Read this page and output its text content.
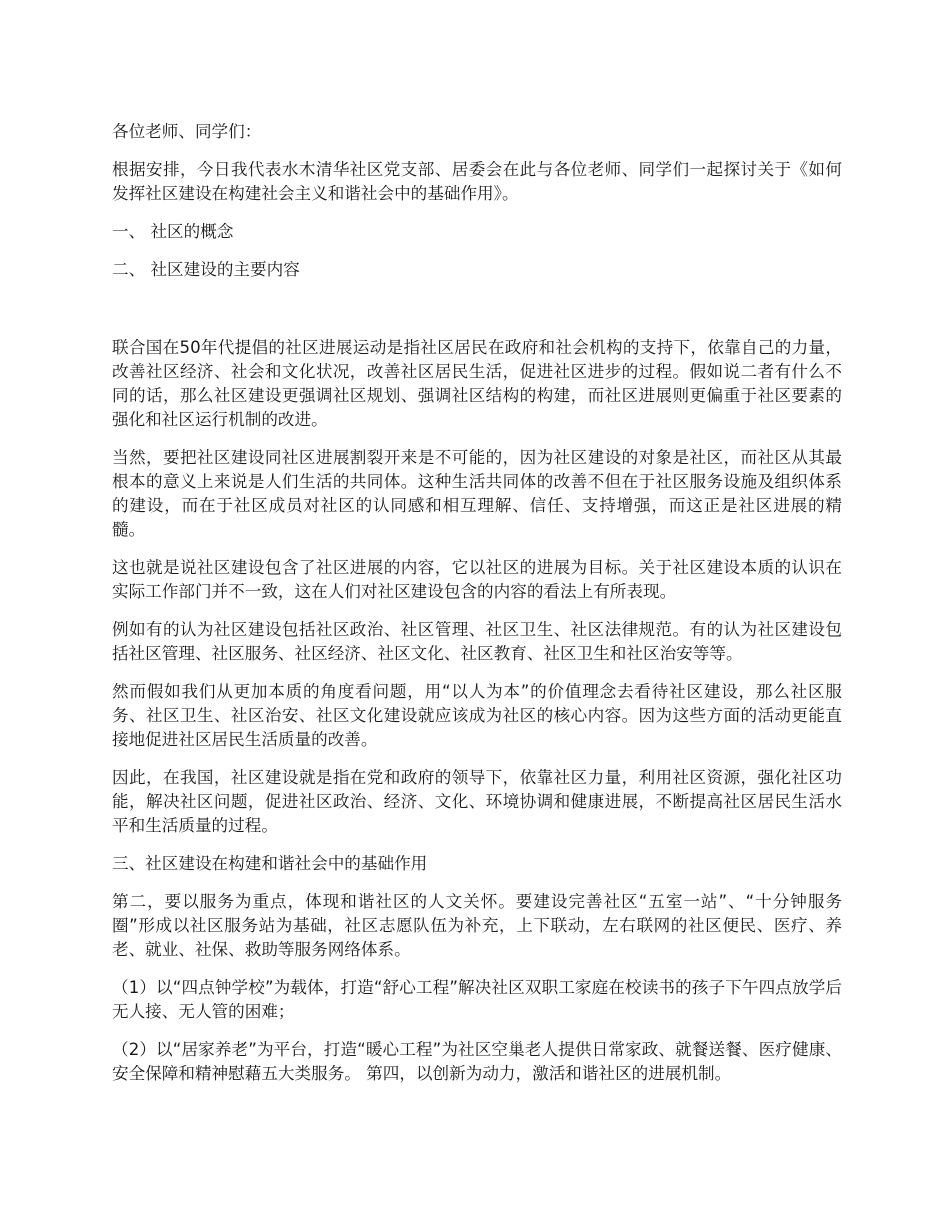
各位老师、同学们：

根据安排，今日我代表水木清华社区党支部、居委会在此与各位老师、同学们一起探讨关于《如何发挥社区建设在构建社会主义和谐社会中的基础作用》。

一、 社区的概念

二、 社区建设的主要内容

联合国在50年代提倡的社区进展运动是指社区居民在政府和社会机构的支持下，依靠自己的力量，改善社区经济、社会和文化状况，改善社区居民生活，促进社区进步的过程。假如说二者有什么不同的话，那么社区建设更强调社区规划、强调社区结构的构建，而社区进展则更偏重于社区要素的强化和社区运行机制的改进。

当然，要把社区建设同社区进展割裂开来是不可能的，因为社区建设的对象是社区，而社区从其最根本的意义上来说是人们生活的共同体。这种生活共同体的改善不但在于社区服务设施及组织体系的建设，而在于社区成员对社区的认同感和相互理解、信任、支持增强，而这正是社区进展的精髓。

这也就是说社区建设包含了社区进展的内容，它以社区的进展为目标。关于社区建设本质的认识在实际工作部门并不一致，这在人们对社区建设包含的内容的看法上有所表现。

例如有的认为社区建设包括社区政治、社区管理、社区卫生、社区法律规范。有的认为社区建设包括社区管理、社区服务、社区经济、社区文化、社区教育、社区卫生和社区治安等等。

然而假如我们从更加本质的角度看问题，用“以人为本”的价值理念去看待社区建设，那么社区服务、社区卫生、社区治安、社区文化建设就应该成为社区的核心内容。因为这些方面的活动更能直接地促进社区居民生活质量的改善。

因此，在我国，社区建设就是指在党和政府的领导下，依靠社区力量，利用社区资源，强化社区功能，解决社区问题，促进社区政治、经济、文化、环境协调和健康进展，不断提高社区居民生活水平和生活质量的过程。

三、社区建设在构建和谐社会中的基础作用

第二，要以服务为重点，体现和谐社区的人文关怀。要建设完善社区“五室一站”、“十分钟服务圈”形成以社区服务站为基础，社区志愿队伍为补充，上下联动，左右联网的社区便民、医疗、养老、就业、社保、救助等服务网络体系。

（1）以“四点钟学校”为载体，打造“舒心工程”解决社区双职工家庭在校读书的孩子下午四点放学后无人接、无人管的困难；

（2）以“居家养老”为平台，打造“暖心工程”为社区空巢老人提供日常家政、就餐送餐、医疗健康、安全保障和精神慰藉五大类服务。 第四，以创新为动力，激活和谐社区的进展机制。
